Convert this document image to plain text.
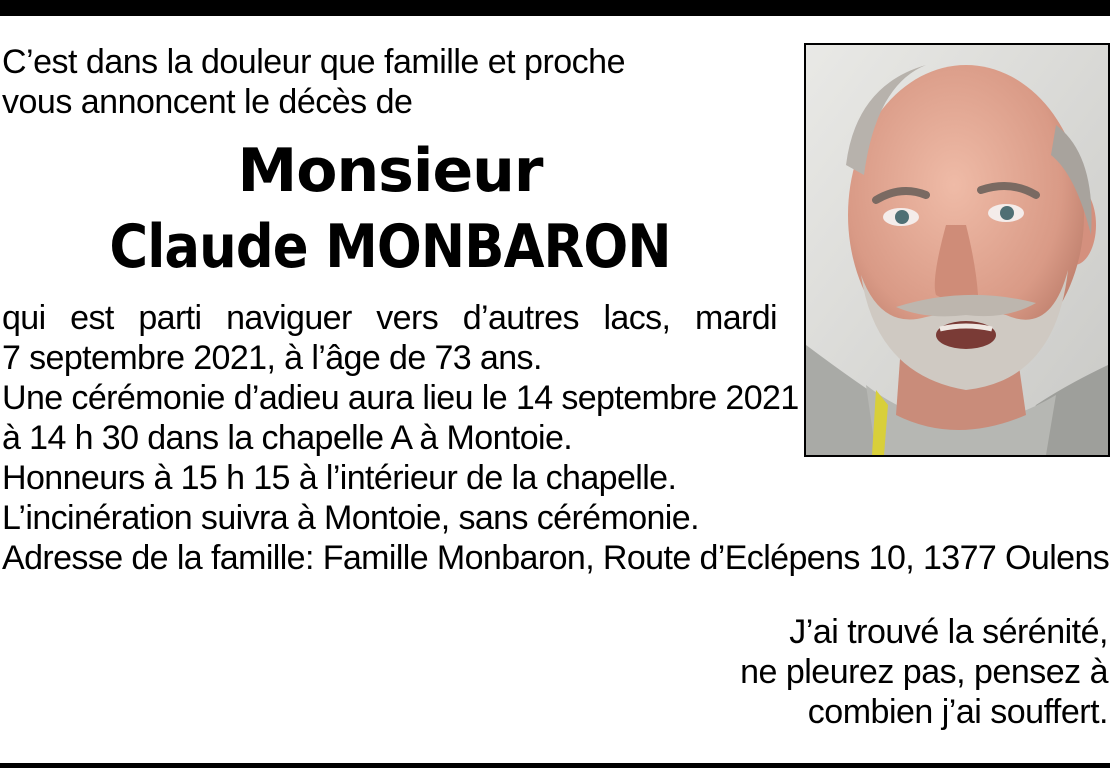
C’est dans la douleur que famille et proche
vous annoncent le décès de
Monsieur
Claude MONBARON
qui est parti naviguer vers d’autres lacs, mardi
7 septembre 2021, à l’âge de 73 ans.
Une cérémonie d’adieu aura lieu le 14 septembre 2021
à 14 h 30 dans la chapelle A à Montoie.
Honneurs à 15 h 15 à l’intérieur de la chapelle.
L’incinération suivra à Montoie, sans cérémonie.
Adresse de la famille: Famille Monbaron, Route d’Eclépens 10, 1377 Oulens
J’ai trouvé la sérénité,
ne pleurez pas, pensez à
combien j’ai souffert.
